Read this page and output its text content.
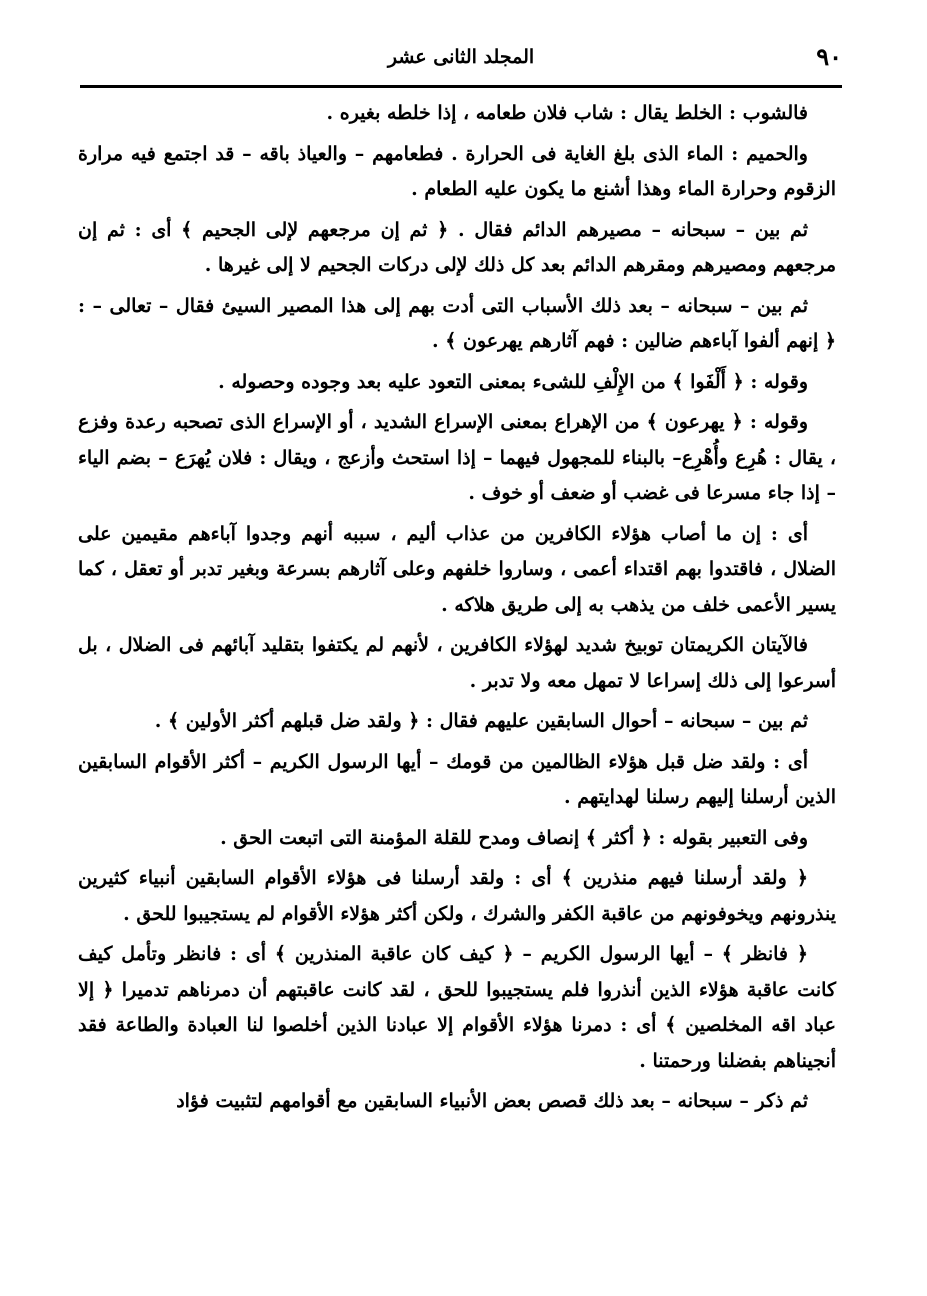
٩٠
المجلد الثانى عشر

فالشوب : الخلط يقال : شاب فلان طعامه ، إذا خلطه بغيره .

والحميم : الماء الذى بلغ الغاية فى الحرارة . فطعامهم – والعياذ باقه – قد اجتمع فيه مرارة الزقوم وحرارة الماء وهذا أشنع ما يكون عليه الطعام .

ثم بين – سبحانه – مصيرهم الدائم فقال . ﴿ ثم إن مرجعهم لإلى الجحيم ﴾ أى : ثم إن مرجعهم ومصيرهم ومقرهم الدائم بعد كل ذلك لإلى دركات الجحيم لا إلى غيرها .

ثم بين – سبحانه – بعد ذلك الأسباب التى أدت بهم إلى هذا المصير السيئ فقال – تعالى – : ﴿ إنهم ألفوا آباءهم ضالين : فهم آثارهم يهرعون ﴾ .

وقوله : ﴿ أَلْفَوا ﴾ من الإِلْفِ للشىء بمعنى التعود عليه بعد وجوده وحصوله .

وقوله : ﴿ يهرعون ﴾ من الإهراع بمعنى الإسراع الشديد ، أو الإسراع الذى تصحبه رعدة وفزع ، يقال : هُرِع وأُهْرِع– بالبناء للمجهول فيهما – إذا استحث وأزعج ، ويقال : فلان يُهرَع – بضم الياء – إذا جاء مسرعا فى غضب أو ضعف أو خوف .

أى : إن ما أصاب هؤلاء الكافرين من عذاب أليم ، سببه أنهم وجدوا آباءهم مقيمين على الضلال ، فاقتدوا بهم اقتداء أعمى ، وساروا خلفهم وعلى آثارهم بسرعة وبغير تدبر أو تعقل ، كما يسير الأعمى خلف من يذهب به إلى طريق هلاكه .

فالآيتان الكريمتان توبيخ شديد لهؤلاء الكافرين ، لأنهم لم يكتفوا بتقليد آبائهم فى الضلال ، بل أسرعوا إلى ذلك إسراعا لا تمهل معه ولا تدبر .

ثم بين – سبحانه – أحوال السابقين عليهم فقال : ﴿ ولقد ضل قبلهم أكثر الأولين ﴾ .

أى : ولقد ضل قبل هؤلاء الظالمين من قومك – أيها الرسول الكريم – أكثر الأقوام السابقين الذين أرسلنا إليهم رسلنا لهدايتهم .

وفى التعبير بقوله : ﴿ أكثر ﴾ إنصاف ومدح للقلة المؤمنة التى اتبعت الحق .

﴿ ولقد أرسلنا فيهم منذرين ﴾ أى : ولقد أرسلنا فى هؤلاء الأقوام السابقين أنبياء كثيرين ينذرونهم ويخوفونهم من عاقبة الكفر والشرك ، ولكن أكثر هؤلاء الأقوام لم يستجيبوا للحق .

﴿ فانظر ﴾ – أيها الرسول الكريم – ﴿ كيف كان عاقبة المنذرين ﴾ أى : فانظر وتأمل كيف كانت عاقبة هؤلاء الذين أنذروا فلم يستجيبوا للحق ، لقد كانت عاقبتهم أن دمرناهم تدميرا ﴿ إلا عباد اقه المخلصين ﴾ أى : دمرنا هؤلاء الأقوام إلا عبادنا الذين أخلصوا لنا العبادة والطاعة فقد أنجيناهم بفضلنا ورحمتنا .

ثم ذكر – سبحانه – بعد ذلك قصص بعض الأنبياء السابقين مع أقوامهم لتثبيت فؤاد
